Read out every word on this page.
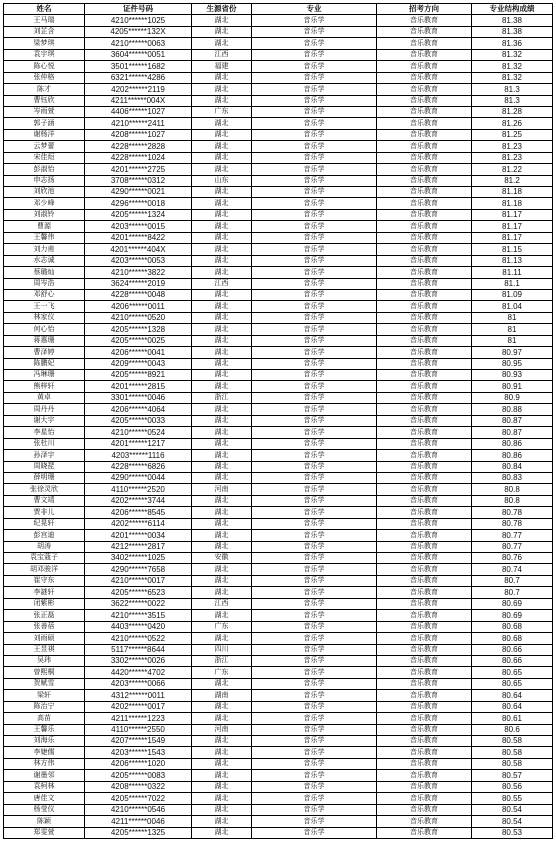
姓名	证件号码	生源省份	专业	招考方向	专业结构成绩
王马瑞	4210******1025	湖北	音乐学	音乐教育	81.38
刘芷含	4205******132X	湖北	音乐学	音乐教育	81.38
梁梦琪	4210******0063	湖北	音乐学	音乐教育	81.36
袁宇琪	3604******0051	江西	音乐学	音乐教育	81.32
陈心悦	3501******1682	福建	音乐学	音乐教育	81.32
张仲格	6321******4286	湖北	音乐学	音乐教育	81.32
陈才	4202******2119	湖北	音乐学	音乐教育	81.3
曹钰欣	4211******004X	湖北	音乐学	音乐教育	81.3
岑雨萱	4406******1027	广东	音乐学	音乐教育	81.28
郭子涵	4210******2411	湖北	音乐学	音乐教育	81.26
谢杨洋	4208******1027	湖北	音乐学	音乐教育	81.25
云梦蕾	4228******2828	湖北	音乐学	音乐教育	81.23
宋佳烜	4228******1024	湖北	音乐学	音乐教育	81.23
彭淑怡	4201******2725	湖北	音乐学	音乐教育	81.22
申志扬	3708******0312	山东	音乐学	音乐教育	81.2
刘欣池	4290******0021	湖北	音乐学	音乐教育	81.18
邓少峰	4296******0018	湖北	音乐学	音乐教育	81.18
刘淑铃	4205******1324	湖北	音乐学	音乐教育	81.17
曹源	4203******0015	湖北	音乐学	音乐教育	81.17
王馨伟	4201******8422	湖北	音乐学	音乐教育	81.17
刘力甫	4201******404X	湖北	音乐学	音乐教育	81.15
水志诚	4203******0053	湖北	音乐学	音乐教育	81.13
蔡璐灿	4210******3822	湖北	音乐学	音乐教育	81.11
周岑浩	3624******2019	江西	音乐学	音乐教育	81.1
邓舒心	4228******0048	湖北	音乐学	音乐教育	81.09
王一飞	4206******0011	湖北	音乐学	音乐教育	81.04
林家仪	4210******0520	湖北	音乐学	音乐教育	81
何心怡	4205******1328	湖北	音乐学	音乐教育	81
蒋惠珊	4205******0025	湖北	音乐学	音乐教育	81
曹泽婷	4206******0041	湖北	音乐学	音乐教育	80.97
陈鹏妃	4209******0043	湖北	音乐学	音乐教育	80.95
冯琳珊	4205******8921	湖北	音乐学	音乐教育	80.93
熊梓轩	4201******2815	湖北	音乐学	音乐教育	80.91
黄卓	3301******0046	浙江	音乐学	音乐教育	80.9
周丹丹	4206******4064	湖北	音乐学	音乐教育	80.88
谢大宇	4205******0033	湖北	音乐学	音乐教育	80.87
李星怡	4210******0524	湖北	音乐学	音乐教育	80.87
张杜川	4201******1217	湖北	音乐学	音乐教育	80.86
孙泽宇	4203******1116	湖北	音乐学	音乐教育	80.86
周晓琵	4228******6826	湖北	音乐学	音乐教育	80.84
薛明珊	4290******0044	湖北	音乐学	音乐教育	80.83
张徐灵欣	4110******2520	河南	音乐学	音乐教育	80.8
曹文靖	4202******3744	湖北	音乐学	音乐教育	80.8
贾非儿	4206******8545	湖北	音乐学	音乐教育	80.78
纪晃轩	4202******6114	湖北	音乐学	音乐教育	80.78
彭宫迪	4201******0034	湖北	音乐学	音乐教育	80.77
胡涛	4212******2817	湖北	音乐学	音乐教育	80.77
袁宝蔻子	3402******1025	安徽	音乐学	音乐教育	80.76
胡邓骏洋	4290******7658	湖北	音乐学	音乐教育	80.74
崔守东	4210******0017	湖北	音乐学	音乐教育	80.7
李謎轩	4205******6523	湖北	音乐学	音乐教育	80.7
闭紫彬	3622******0022	江西	音乐学	音乐教育	80.69
张正磊	4210******3515	湖北	音乐学	音乐教育	80.69
张善蓓	4403******0420	广东	音乐学	音乐教育	80.68
刘雨硕	4210******0522	湖北	音乐学	音乐教育	80.68
王昱祺	5117******8644	四川	音乐学	音乐教育	80.66
吴玮	3302******0026	浙江	音乐学	音乐教育	80.66
曾熙桐	4420******4702	广东	音乐学	音乐教育	80.65
贺赋雪	4203******0066	湖北	音乐学	音乐教育	80.65
梁轩	4312******0011	湖南	音乐学	音乐教育	80.64
陈治宁	4202******0017	湖北	音乐学	音乐教育	80.64
高苗	4211******1223	湖北	音乐学	音乐教育	80.61
王馨乐	4110******2550	河南	音乐学	音乐教育	80.6
刘海乐	4207******1549	湖北	音乐学	音乐教育	80.58
李婕儒	4203******1543	湖北	音乐学	音乐教育	80.58
林方伟	4206******1020	湖北	音乐学	音乐教育	80.58
谢墨邻	4205******0083	湖北	音乐学	音乐教育	80.57
袁柯林	4208******0322	湖北	音乐学	音乐教育	80.56
唐佳文	4205******7022	湖北	音乐学	音乐教育	80.55
杨莹仪	4210******0546	湖北	音乐学	音乐教育	80.54
陈颖	4211******0046	湖北	音乐学	音乐教育	80.54
郑雯萱	4205******1325	湖北	音乐学	音乐教育	80.53
